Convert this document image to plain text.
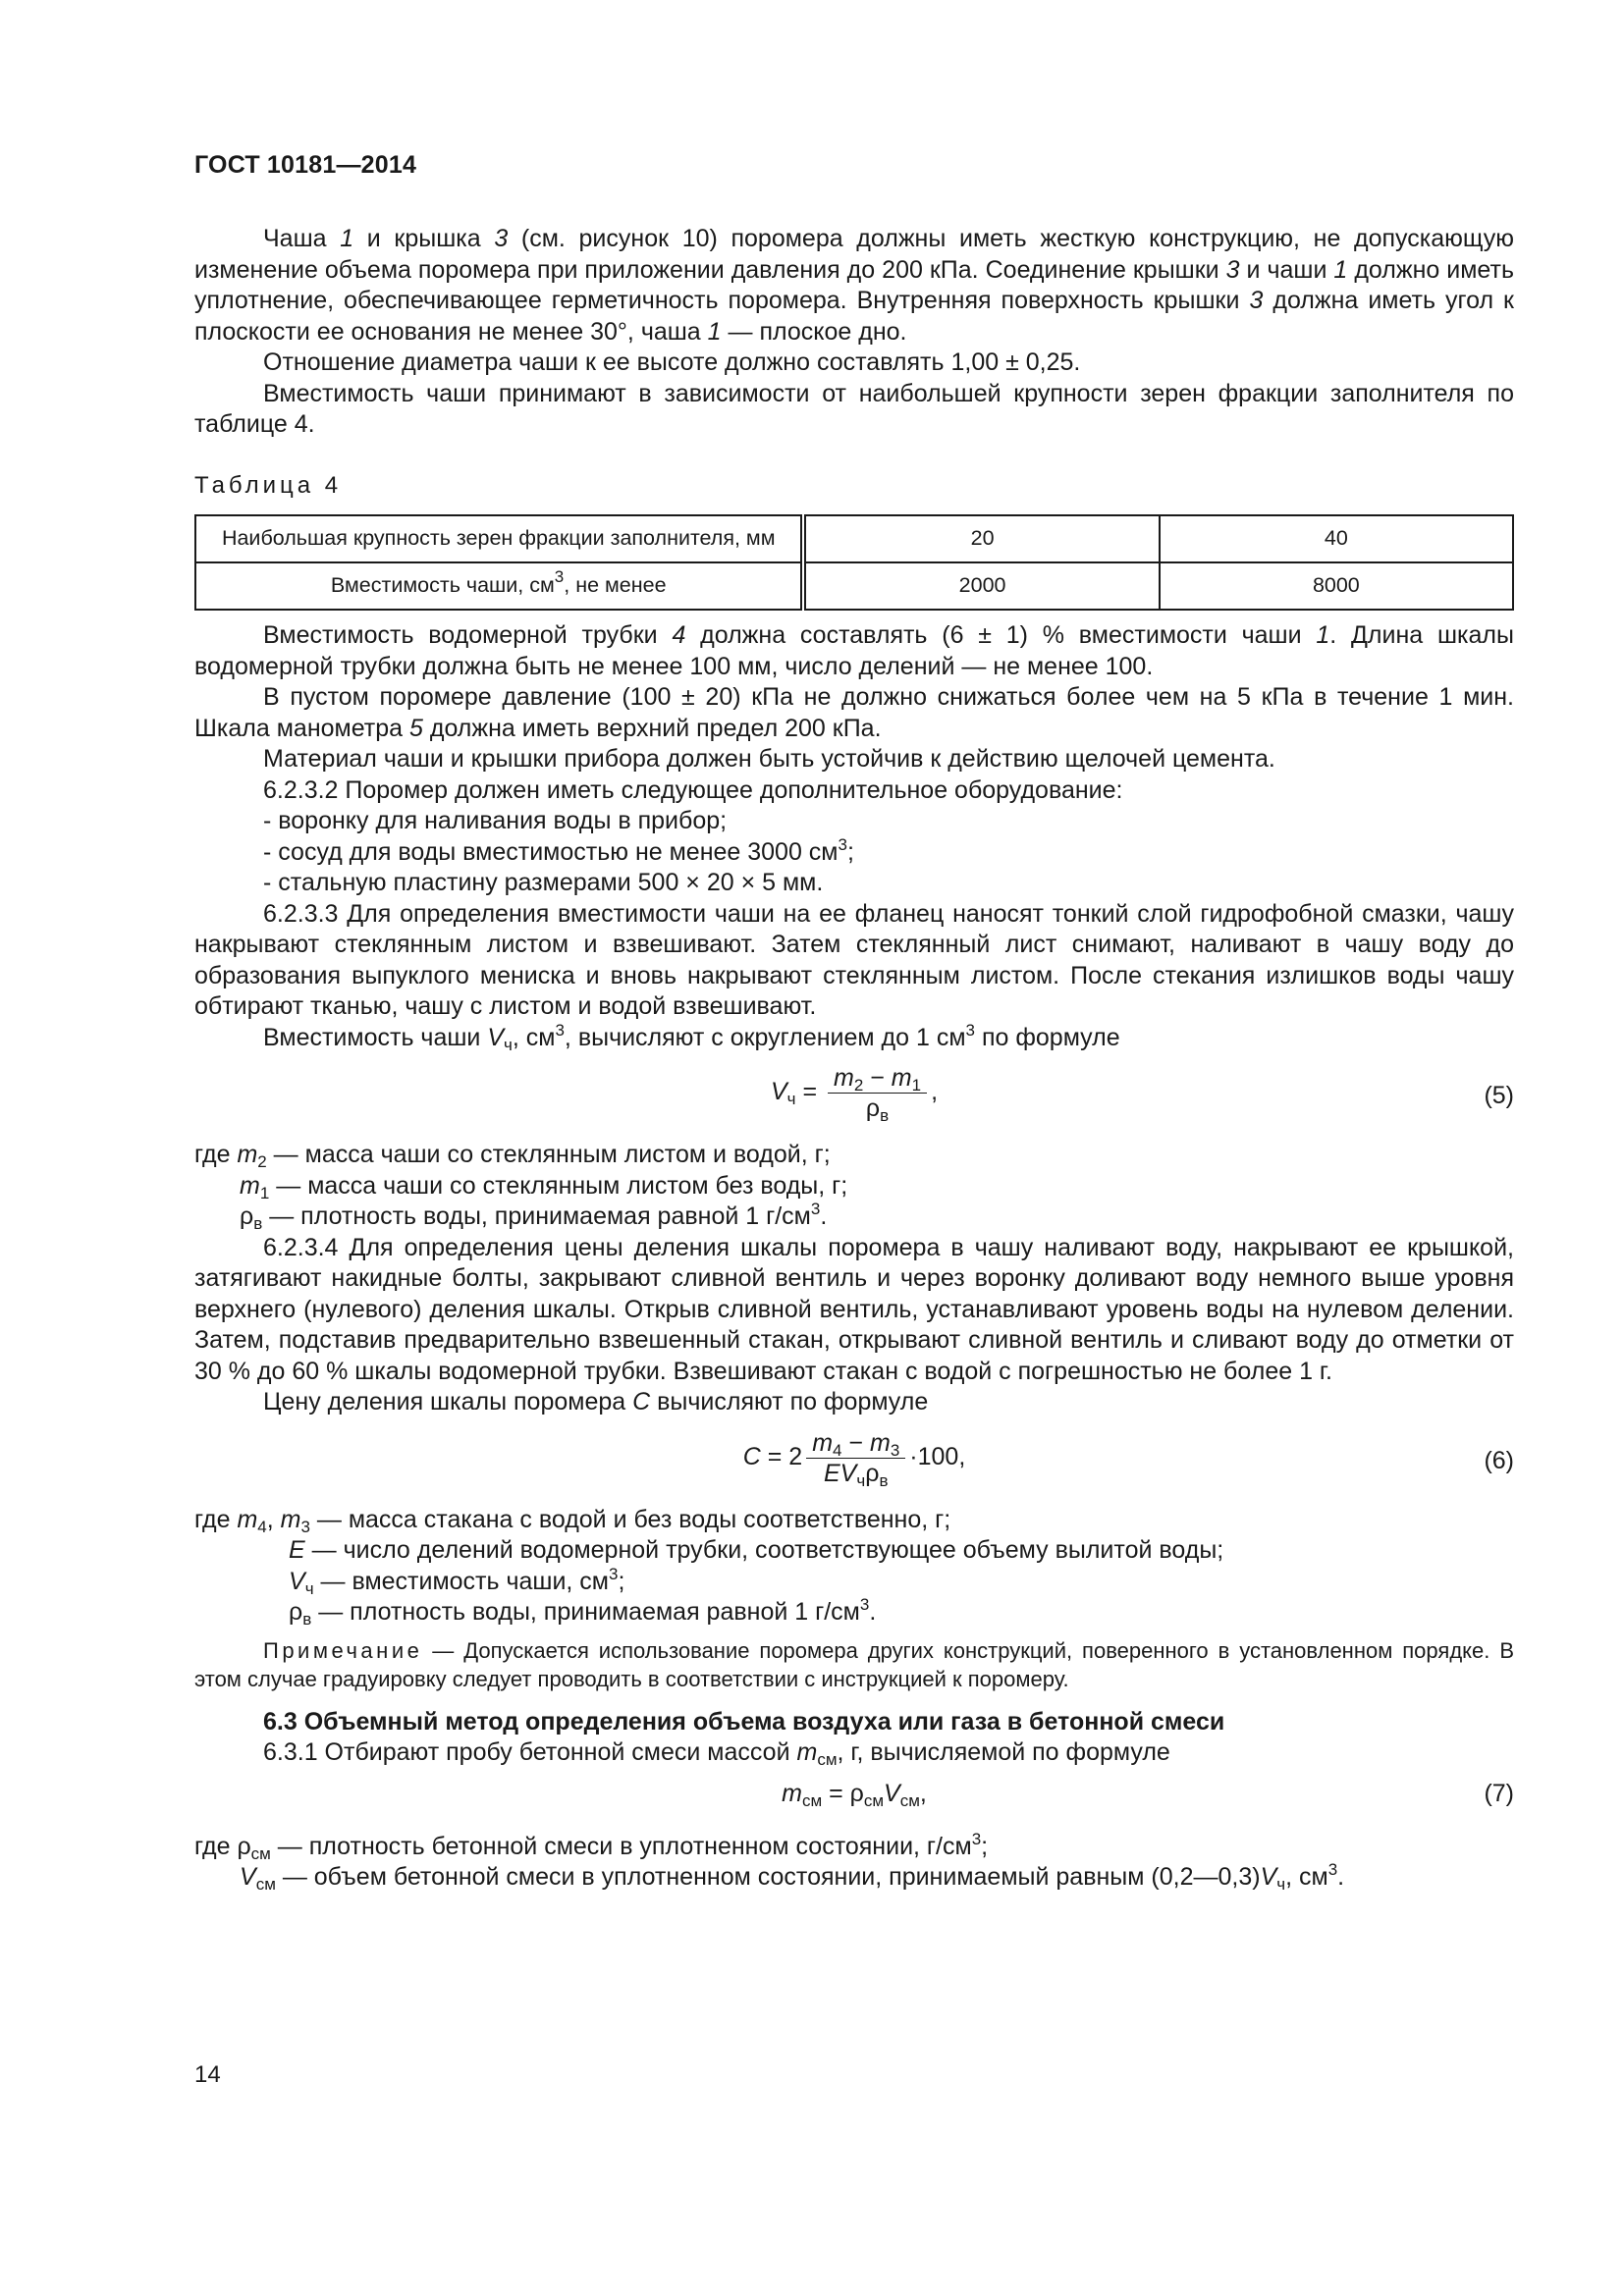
ГОСТ 10181—2014

Чаша 1 и крышка 3 (см. рисунок 10) поромера должны иметь жесткую конструкцию, не допускающую изменение объема поромера при приложении давления до 200 кПа. Соединение крышки 3 и чаши 1 должно иметь уплотнение, обеспечивающее герметичность поромера. Внутренняя поверхность крышки 3 должна иметь угол к плоскости ее основания не менее 30°, чаша 1 — плоское дно.

Отношение диаметра чаши к ее высоте должно составлять 1,00 ± 0,25.

Вместимость чаши принимают в зависимости от наибольшей крупности зерен фракции заполнителя по таблице 4.

Таблица 4

Наибольшая крупность зерен фракции заполнителя, мм	20	40
Вместимость чаши, $см^3$, не менее	2000	8000

Вместимость водомерной трубки 4 должна составлять (6 ± 1) % вместимости чаши 1. Длина шкалы водомерной трубки должна быть не менее 100 мм, число делений — не менее 100.

В пустом поромере давление (100 ± 20) кПа не должно снижаться более чем на 5 кПа в течение 1 мин. Шкала манометра 5 должна иметь верхний предел 200 кПа.

Материал чаши и крышки прибора должен быть устойчив к действию щелочей цемента.

6.2.3.2 Поромер должен иметь следующее дополнительное оборудование:

- воронку для наливания воды в прибор;

- сосуд для воды вместимостью не менее 3000 $см^3$;

- стальную пластину размерами 500 × 20 × 5 мм.

6.2.3.3 Для определения вместимости чаши на ее фланец наносят тонкий слой гидрофобной смазки, чашу накрывают стеклянным листом и взвешивают. Затем стеклянный лист снимают, наливают в чашу воду до образования выпуклого мениска и вновь накрывают стеклянным листом. После стекания излишков воды чашу обтирают тканью, чашу с листом и водой взвешивают.

Вместимость чаши $V_ч$, $см^3$, вычисляют с округлением до 1 $см^3$ по формуле

$V_ч = \frac{m_2 - m_1}{\rho_в}$ ,	(5)

где $m_2$ — масса чаши со стеклянным листом и водой, г;

$m_1$ — масса чаши со стеклянным листом без воды, г;

$\rho_в$ — плотность воды, принимаемая равной 1 $г/см^3$.

6.2.3.4 Для определения цены деления шкалы поромера в чашу наливают воду, накрывают ее крышкой, затягивают накидные болты, закрывают сливной вентиль и через воронку доливают воду немного выше уровня верхнего (нулевого) деления шкалы. Открыв сливной вентиль, устанавливают уровень воды на нулевом делении. Затем, подставив предварительно взвешенный стакан, открывают сливной вентиль и сливают воду до отметки от 30 % до 60 % шкалы водомерной трубки. Взвешивают стакан с водой с погрешностью не более 1 г.

Цену деления шкалы поромера C вычисляют по формуле

$C = 2 \frac{m_4 - m_3}{EV_ч\rho_в} \cdot 100$,	(6)

где $m_4$, $m_3$ — масса стакана с водой и без воды соответственно, г;

E — число делений водомерной трубки, соответствующее объему вылитой воды;

$V_ч$ — вместимость чаши, $см^3$;

$\rho_в$ — плотность воды, принимаемая равной 1 $г/см^3$.

Примечание — Допускается использование поромера других конструкций, поверенного в установленном порядке. В этом случае градуировку следует проводить в соответствии с инструкцией к поромеру.

6.3 Объемный метод определения объема воздуха или газа в бетонной смеси

6.3.1 Отбирают пробу бетонной смеси массой $m_{см}$, г, вычисляемой по формуле

$m_{см} = \rho_{см}V_{см}$,	(7)

где $\rho_{см}$ — плотность бетонной смеси в уплотненном состоянии, $г/см^3$;

$V_{см}$ — объем бетонной смеси в уплотненном состоянии, принимаемый равным $(0,2—0,3)V_ч$, $см^3$.

14
